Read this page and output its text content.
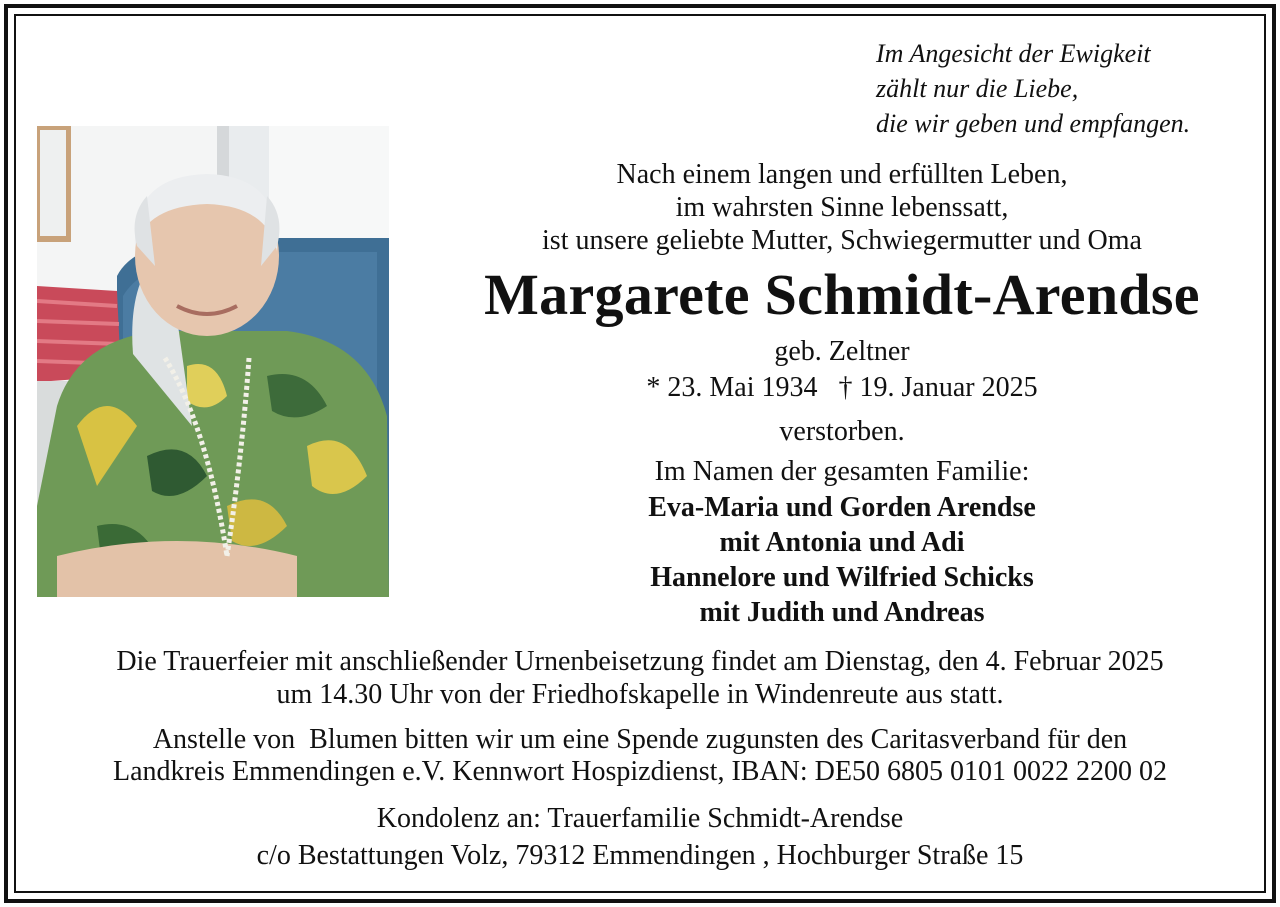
Im Angesicht der Ewigkeit
zählt nur die Liebe,
die wir geben und empfangen.
Nach einem langen und erfüllten Leben,
im wahrsten Sinne lebenssatt,
ist unsere geliebte Mutter, Schwiegermutter und Oma
Margarete Schmidt-Arendse
geb. Zeltner
* 23. Mai 1934   † 19. Januar 2025
verstorben.
Im Namen der gesamten Familie:
Eva-Maria und Gorden Arendse
mit Antonia und Adi
Hannelore und Wilfried Schicks
mit Judith und Andreas
Die Trauerfeier mit anschließender Urnenbeisetzung findet am Dienstag, den 4. Februar 2025
um 14.30 Uhr von der Friedhofskapelle in Windenreute aus statt.
Anstelle von  Blumen bitten wir um eine Spende zugunsten des Caritasverband für den
Landkreis Emmendingen e.V. Kennwort Hospizdienst, IBAN: DE50 6805 0101 0022 2200 02
Kondolenz an: Trauerfamilie Schmidt-Arendse
c/o Bestattungen Volz, 79312 Emmendingen , Hochburger Straße 15
